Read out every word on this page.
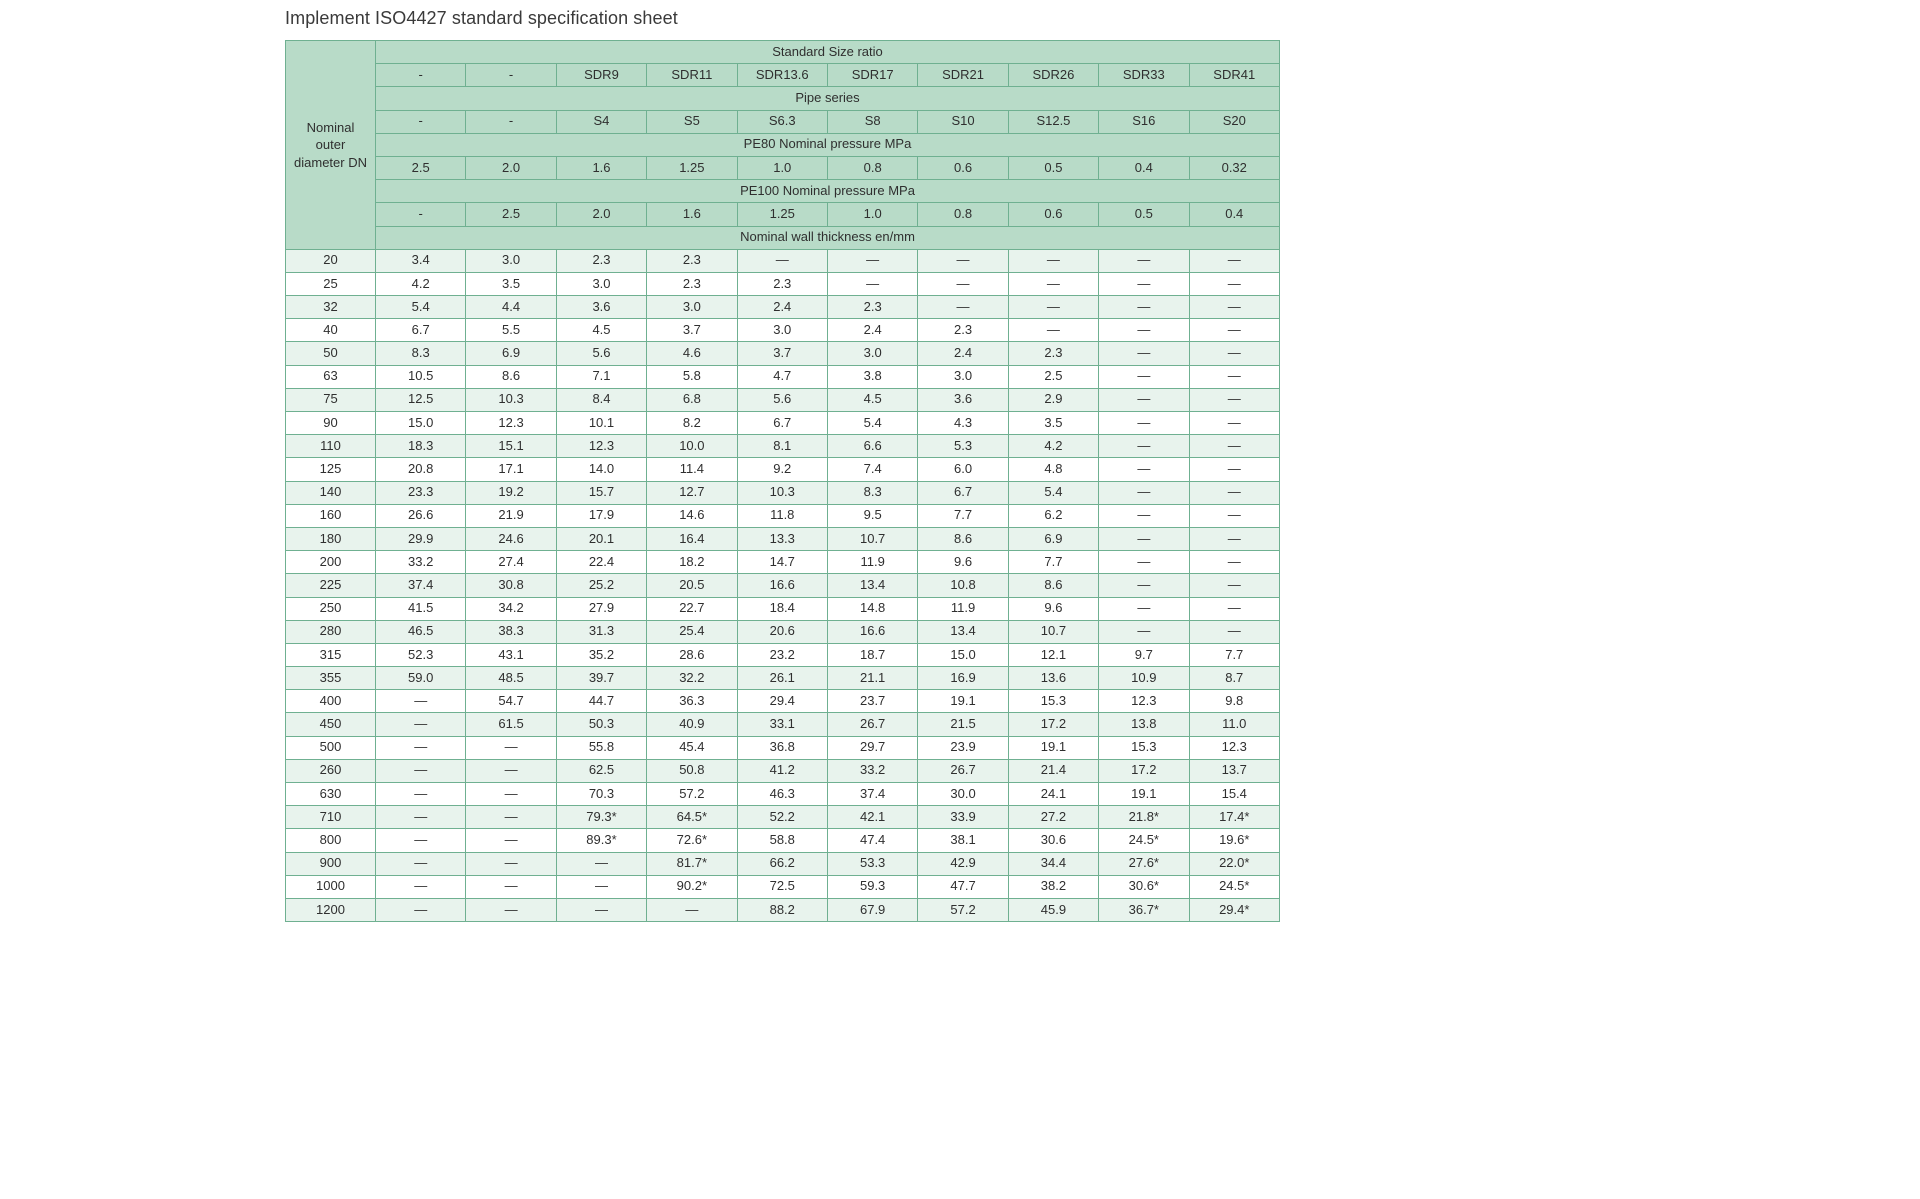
Implement ISO4427 standard specification sheet
Nominal outer diameter DN	Standard Size ratio									
	-	-	SDR9	SDR11	SDR13.6	SDR17	SDR21	SDR26	SDR33	SDR41
	Pipe series									
	-	-	S4	S5	S6.3	S8	S10	S12.5	S16	S20
	PE80 Nominal pressure MPa									
	2.5	2.0	1.6	1.25	1.0	0.8	0.6	0.5	0.4	0.32
	PE100 Nominal pressure MPa									
	-	2.5	2.0	1.6	1.25	1.0	0.8	0.6	0.5	0.4
	Nominal wall thickness en/mm									
20	3.4	3.0	2.3	2.3	—	—	—	—	—	—
25	4.2	3.5	3.0	2.3	2.3	—	—	—	—	—
32	5.4	4.4	3.6	3.0	2.4	2.3	—	—	—	—
40	6.7	5.5	4.5	3.7	3.0	2.4	2.3	—	—	—
50	8.3	6.9	5.6	4.6	3.7	3.0	2.4	2.3	—	—
63	10.5	8.6	7.1	5.8	4.7	3.8	3.0	2.5	—	—
75	12.5	10.3	8.4	6.8	5.6	4.5	3.6	2.9	—	—
90	15.0	12.3	10.1	8.2	6.7	5.4	4.3	3.5	—	—
110	18.3	15.1	12.3	10.0	8.1	6.6	5.3	4.2	—	—
125	20.8	17.1	14.0	11.4	9.2	7.4	6.0	4.8	—	—
140	23.3	19.2	15.7	12.7	10.3	8.3	6.7	5.4	—	—
160	26.6	21.9	17.9	14.6	11.8	9.5	7.7	6.2	—	—
180	29.9	24.6	20.1	16.4	13.3	10.7	8.6	6.9	—	—
200	33.2	27.4	22.4	18.2	14.7	11.9	9.6	7.7	—	—
225	37.4	30.8	25.2	20.5	16.6	13.4	10.8	8.6	—	—
250	41.5	34.2	27.9	22.7	18.4	14.8	11.9	9.6	—	—
280	46.5	38.3	31.3	25.4	20.6	16.6	13.4	10.7	—	—
315	52.3	43.1	35.2	28.6	23.2	18.7	15.0	12.1	9.7	7.7
355	59.0	48.5	39.7	32.2	26.1	21.1	16.9	13.6	10.9	8.7
400	—	54.7	44.7	36.3	29.4	23.7	19.1	15.3	12.3	9.8
450	—	61.5	50.3	40.9	33.1	26.7	21.5	17.2	13.8	11.0
500	—	—	55.8	45.4	36.8	29.7	23.9	19.1	15.3	12.3
260	—	—	62.5	50.8	41.2	33.2	26.7	21.4	17.2	13.7
630	—	—	70.3	57.2	46.3	37.4	30.0	24.1	19.1	15.4
710	—	—	79.3*	64.5*	52.2	42.1	33.9	27.2	21.8*	17.4*
800	—	—	89.3*	72.6*	58.8	47.4	38.1	30.6	24.5*	19.6*
900	—	—	—	81.7*	66.2	53.3	42.9	34.4	27.6*	22.0*
1000	—	—	—	90.2*	72.5	59.3	47.7	38.2	30.6*	24.5*
1200	—	—	—	—	88.2	67.9	57.2	45.9	36.7*	29.4*
